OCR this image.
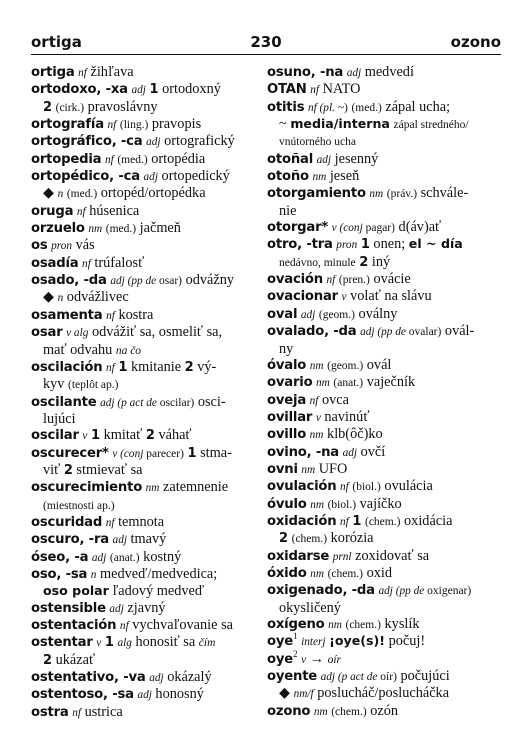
ortiga	230	ozono
ortiga nf žihľava
ortodoxo, -xa adj 1 ortodoxný
2 (cirk.) pravoslávny
ortografía nf (ling.) pravopis
ortográfico, -ca adj ortografický
ortopedia nf (med.) ortopédia
ortopédico, -ca adj ortopedický
◆ n (med.) ortopéd/ortopédka
oruga nf húsenica
orzuelo nm (med.) jačmeň
os pron vás
osadía nf trúfalosť
osado, -da adj (pp de osar) odvážny
◆ n odvážlivec
osamenta nf kostra
osar v alg odvážiť sa, osmeliť sa,
mať odvahu na čo
oscilación nf 1 kmitanie 2 vý-
kyv (teplôt ap.)
oscilante adj (p act de oscilar) osci-
lujúci
oscilar v 1 kmitať 2 váhať
oscurecer* v (conj parecer) 1 stma-
viť 2 stmievať sa
oscurecimiento nm zatemnenie
(miestnosti ap.)
oscuridad nf temnota
oscuro, -ra adj tmavý
óseo, -a adj (anat.) kostný
oso, -sa n medveď/medvedica;
oso polar ľadový medveď
ostensible adj zjavný
ostentación nf vychvaľovanie sa
ostentar v 1 alg honosiť sa čím
2 ukázať
ostentativo, -va adj okázalý
ostentoso, -sa adj honosný
ostra nf ustrica
osuno, -na adj medvedí
OTAN nf NATO
otitis nf (pl. ~) (med.) zápal ucha;
~ media/interna zápal stredného/
vnútorného ucha
otoñal adj jesenný
otoño nm jeseň
otorgamiento nm (práv.) schvále-
nie
otorgar* v (conj pagar) d(áv)ať
otro, -tra pron 1 onen; el ~ día
nedávno, minule 2 iný
ovación nf (pren.) ovácie
ovacionar v volať na slávu
oval adj (geom.) oválny
ovalado, -da adj (pp de ovalar) ovál-
ny
óvalo nm (geom.) ovál
ovario nm (anat.) vaječník
oveja nf ovca
ovillar v navinúť
ovillo nm klb(ôč)ko
ovino, -na adj ovčí
ovni nm UFO
ovulación nf (biol.) ovulácia
óvulo nm (biol.) vajíčko
oxidación nf 1 (chem.) oxidácia
2 (chem.) korózia
oxidarse prnl zoxidovať sa
óxido nm (chem.) oxid
oxigenado, -da adj (pp de oxigenar)
okysličený
oxígeno nm (chem.) kyslík
oye$^1$ interj ¡oye(s)! počuj!
oye$^2$ v → oír
oyente adj (p act de oír) počujúci
◆ nm/f poslucháč/poslucháčka
ozono nm (chem.) ozón
